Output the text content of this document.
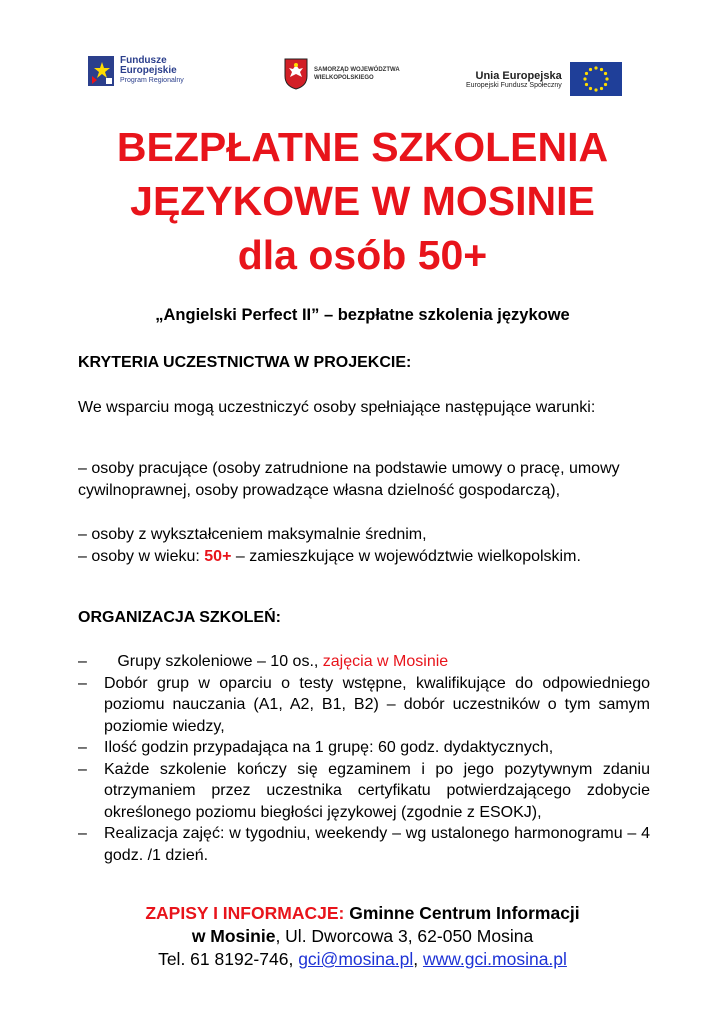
Fundusze
Europejskie
Program Regionalny
SAMORZĄD WOJEWÓDZTWA
WIELKOPOLSKIEGO	Unia Europejska
Europejski Fundusz Społeczny
BEZPŁATNE SZKOLENIA
JĘZYKOWE W MOSINIE
dla osób 50+
„Angielski Perfect II” – bezpłatne szkolenia językowe
KRYTERIA UCZESTNICTWA W PROJEKCIE:
We wsparciu mogą uczestniczyć osoby spełniające następujące warunki:
– osoby pracujące (osoby zatrudnione na podstawie umowy o pracę, umowy cywilnoprawnej, osoby prowadzące własna dzielność gospodarczą),
– osoby z wykształceniem maksymalnie średnim,
– osoby w wieku: 50+ – zamieszkujące w województwie wielkopolskim.
ORGANIZACJA SZKOLEŃ:
–	Grupy szkoleniowe – 10 os., zajęcia w Mosinie
–	Dobór grup w oparciu o testy wstępne, kwalifikujące do odpowiedniego poziomu nauczania (A1, A2, B1, B2) – dobór uczestników o tym samym poziomie wiedzy,
–	Ilość godzin przypadająca na 1 grupę: 60 godz. dydaktycznych,
–	Każde szkolenie kończy się egzaminem i po jego pozytywnym zdaniu otrzymaniem przez uczestnika certyfikatu potwierdzającego zdobycie określonego poziomu biegłości językowej (zgodnie z ESOKJ),
–	Realizacja zajęć: w tygodniu, weekendy – wg ustalonego harmonogramu – 4 godz. /1 dzień.
ZAPISY I INFORMACJE: Gminne Centrum Informacji
w Mosinie, Ul. Dworcowa 3, 62-050 Mosina
Tel. 61 8192-746, gci@mosina.pl, www.gci.mosina.pl
